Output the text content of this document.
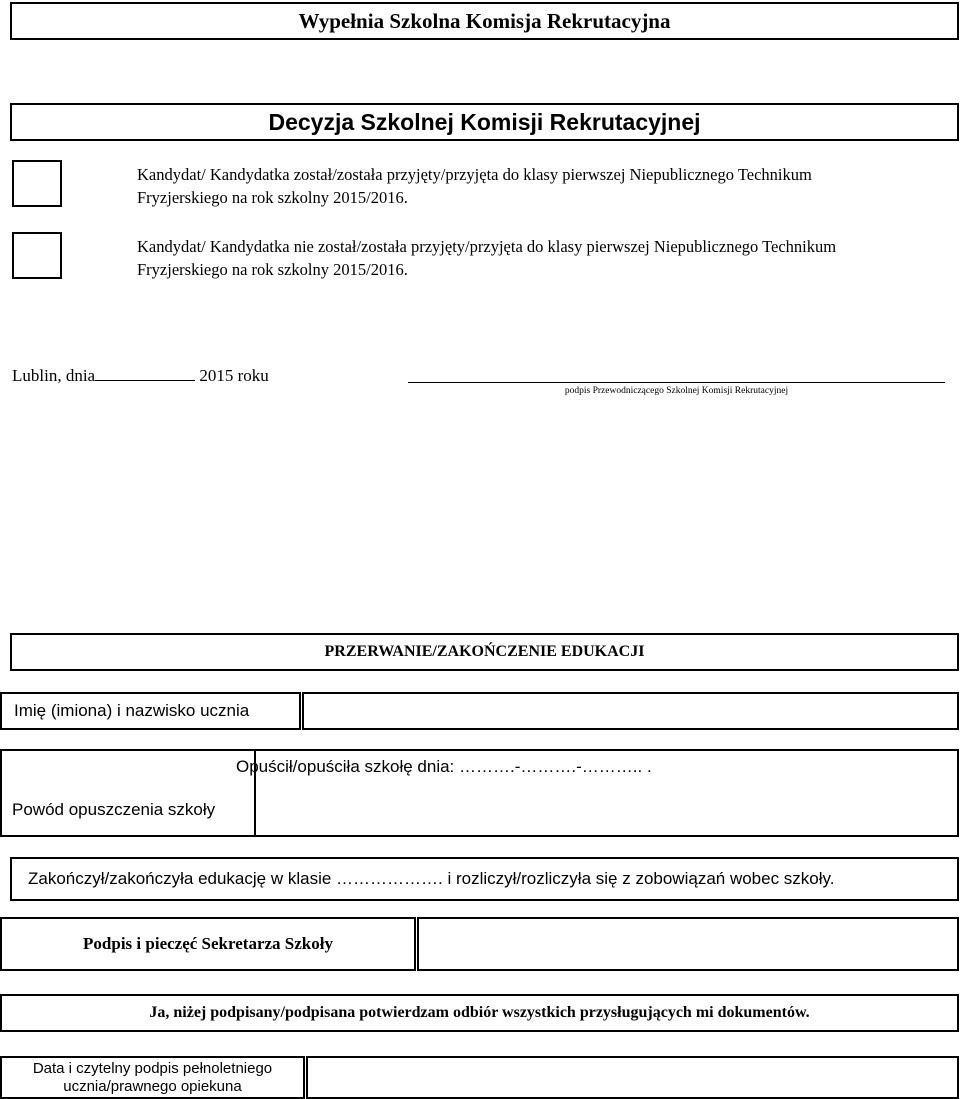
Wypełnia Szkolna Komisja Rekrutacyjna
Decyzja Szkolnej Komisji Rekrutacyjnej
Kandydat/ Kandydatka został/została przyjęty/przyjęta do klasy pierwszej Niepublicznego Technikum
Fryzjerskiego na rok szkolny 2015/2016.
Kandydat/ Kandydatka nie został/została przyjęty/przyjęta do klasy pierwszej Niepublicznego Technikum
Fryzjerskiego na rok szkolny 2015/2016.
Lublin, dnia	2015 roku
podpis Przewodniczącego Szkolnej Komisji Rekrutacyjnej
PRZERWANIE/ZAKOŃCZENIE EDUKACJI
Imię (imiona) i nazwisko ucznia
Powód opuszczenia szkoły
Opuścił/opuściła szkołę dnia: ……….-……….-……….. .
Zakończył/zakończyła edukację w klasie ………………. i rozliczył/rozliczyła się z zobowiązań wobec szkoły.
Podpis i pieczęć Sekretarza Szkoły
Ja, niżej podpisany/podpisana potwierdzam odbiór wszystkich przysługujących mi dokumentów.
Data i czytelny podpis pełnoletniego
ucznia/prawnego opiekuna
